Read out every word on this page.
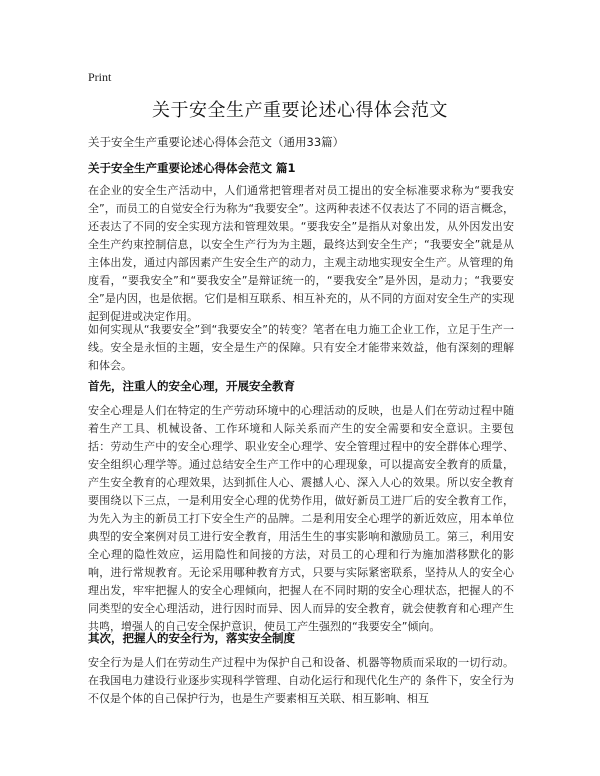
Print
关于安全生产重要论述心得体会范文
关于安全生产重要论述心得体会范文（通用33篇）
关于安全生产重要论述心得体会范文 篇1

在企业的安全生产活动中，人们通常把管理者对员工提出的安全标准要求称为“要我安全”，而员工的自觉安全行为称为“我要安全”。这两种表述不仅表达了不同的语言概念，还表达了不同的安全实现方法和管理效果。“要我安全”是指从对象出发，从外因发出安全生产约束控制信息，以安全生产行为为主题，最终达到安全生产；“我要安全”就是从主体出发，通过内部因素产生安全生产的动力，主观主动地实现安全生产。从管理的角度看，“要我安全”和“要我安全”是辩证统一的，“要我安全”是外因，是动力；“我要安全”是内因，也是依据。它们是相互联系、相互补充的，从不同的方面对安全生产的实现起到促进或决定作用。

如何实现从“我要安全”到“我要安全”的转变？笔者在电力施工企业工作，立足于生产一线。安全是永恒的主题，安全是生产的保障。只有安全才能带来效益，他有深刻的理解和体会。

首先，注重人的安全心理，开展安全教育

安全心理是人们在特定的生产劳动环境中的心理活动的反映，也是人们在劳动过程中随着生产工具、机械设备、工作环境和人际关系而产生的安全需要和安全意识。主要包括：劳动生产中的安全心理学、职业安全心理学、安全管理过程中的安全群体心理学、安全组织心理学等。通过总结安全生产工作中的心理现象，可以提高安全教育的质量，产生安全教育的心理效果，达到抓住人心、震撼人心、深入人心的效果。所以安全教育要围绕以下三点，一是利用安全心理的优势作用，做好新员工进厂后的安全教育工作，为先入为主的新员工打下安全生产的品牌。二是利用安全心理学的新近效应，用本单位典型的安全案例对员工进行安全教育，用活生生的事实影响和激励员工。第三，利用安全心理的隐性效应，运用隐性和间接的方法，对员工的心理和行为施加潜移默化的影响，进行常规教育。无论采用哪种教育方式，只要与实际紧密联系，坚持从人的安全心理出发，牢牢把握人的安全心理倾向，把握人在不同时期的安全心理状态，把握人的不同类型的安全心理活动，进行因时而异、因人而异的安全教育，就会使教育和心理产生共鸣，增强人的自己安全保护意识，使员工产生强烈的“我要安全”倾向。

其次，把握人的安全行为，落实安全制度

安全行为是人们在劳动生产过程中为保护自己和设备、机器等物质而采取的一切行动。在我国电力建设行业逐步实现科学管理、自动化运行和现代化生产的 条件下，安全行为不仅是个体的自己保护行为，也是生产要素相互关联、相互影响、相互
